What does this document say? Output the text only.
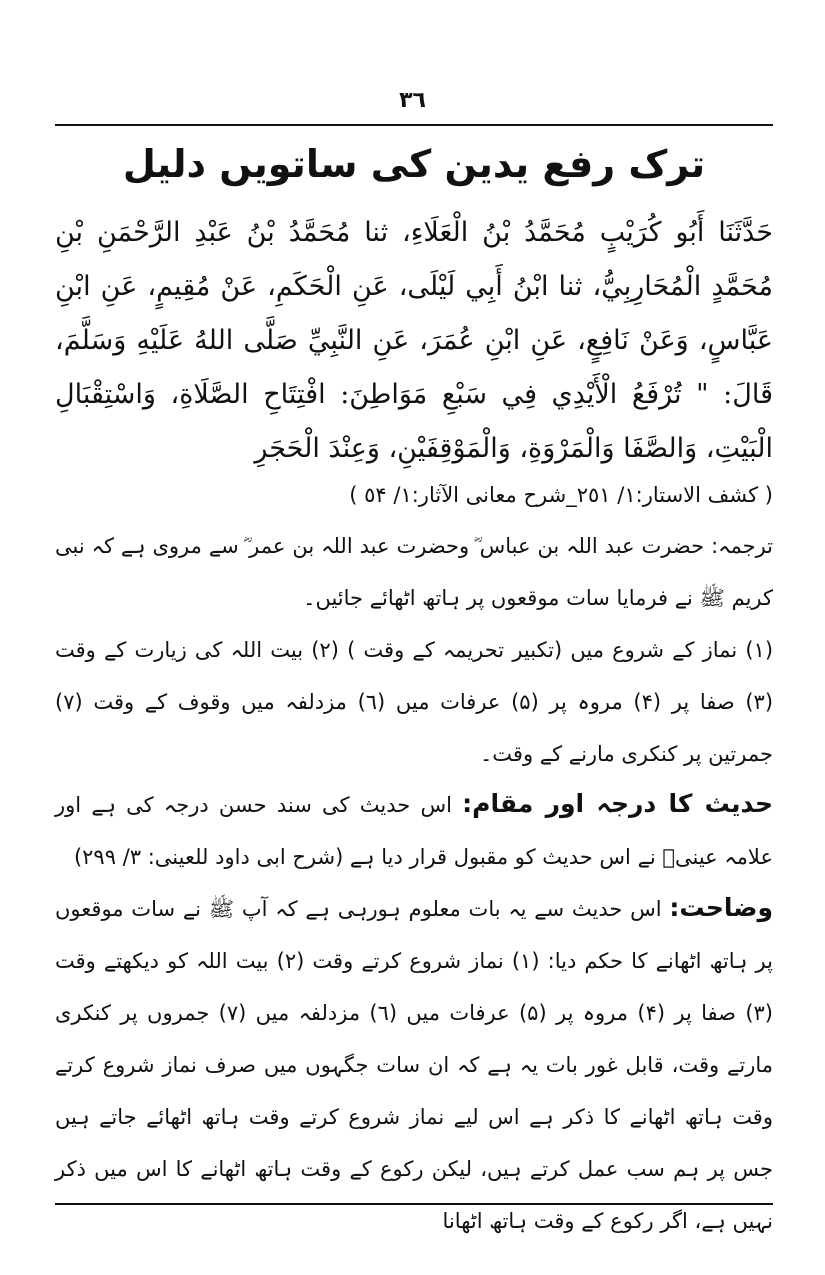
٣٦
ترک رفع یدین کی ساتویں دلیل
حَدَّثَنَا أَبُو كُرَيْبٍ مُحَمَّدُ بْنُ الْعَلَاءِ، ثنا مُحَمَّدُ بْنُ عَبْدِ الرَّحْمَنِ بْنِ مُحَمَّدٍ الْمُحَارِبِيُّ، ثنا ابْنُ أَبِي لَيْلَى، عَنِ الْحَكَمِ، عَنْ مُقِيمٍ، عَنِ ابْنِ عَبَّاسٍ، وَعَنْ نَافِعٍ، عَنِ ابْنِ عُمَرَ، عَنِ النَّبِيِّ صَلَّى اللهُ عَلَيْهِ وَسَلَّمَ، قَالَ: " تُرْفَعُ الْأَيْدِي فِي سَبْعِ مَوَاطِنَ: افْتِتَاحِ الصَّلَاةِ، وَاسْتِقْبَالِ الْبَيْتِ، وَالصَّفَا وَالْمَرْوَةِ، وَالْمَوْقِفَيْنِ، وَعِنْدَ الْحَجَرِ
( کشف الاستار:١/ ٢٥١_شرح معانی الآثار:١/ ٥۴ )
ترجمہ: حضرت عبد اللہ بن عباس ؓ وحضرت عبد اللہ بن عمر ؓ سے مروی ہے کہ نبی کریم ﷺ نے فرمایا سات موقعوں پر ہاتھ اٹھائے جائیں۔
(١) نماز کے شروع میں (تکبیر تحریمہ کے وقت ) (٢) بیت اللہ کی زیارت کے وقت (٣) صفا پر (۴) مروہ پر (۵) عرفات میں (٦) مزدلفہ میں وقوف کے وقت (٧) جمرتین پر کنکری مارنے کے وقت۔
حدیث کا درجہ اور مقام: اس حدیث کی سند حسن درجہ کی ہے اور علامہ عینیؒ نے اس حدیث کو مقبول قرار دیا ہے (شرح ابی داود للعینی: ٣/ ٢٩٩)
وضاحت: اس حدیث سے یہ بات معلوم ہورہی ہے کہ آپ ﷺ نے سات موقعوں پر ہاتھ اٹھانے کا حکم دیا: (١) نماز شروع کرتے وقت (٢) بیت اللہ کو دیکھتے وقت (٣) صفا پر (۴) مروہ پر (۵) عرفات میں (٦) مزدلفہ میں (٧) جمروں پر کنکری مارتے وقت، قابل غور بات یہ ہے کہ ان سات جگہوں میں صرف نماز شروع کرتے وقت ہاتھ اٹھانے کا ذکر ہے اس لیے نماز شروع کرتے وقت ہاتھ اٹھائے جاتے ہیں جس پر ہم سب عمل کرتے ہیں، لیکن رکوع کے وقت ہاتھ اٹھانے کا اس میں ذکر نہیں ہے، اگر رکوع کے وقت ہاتھ اٹھانا
